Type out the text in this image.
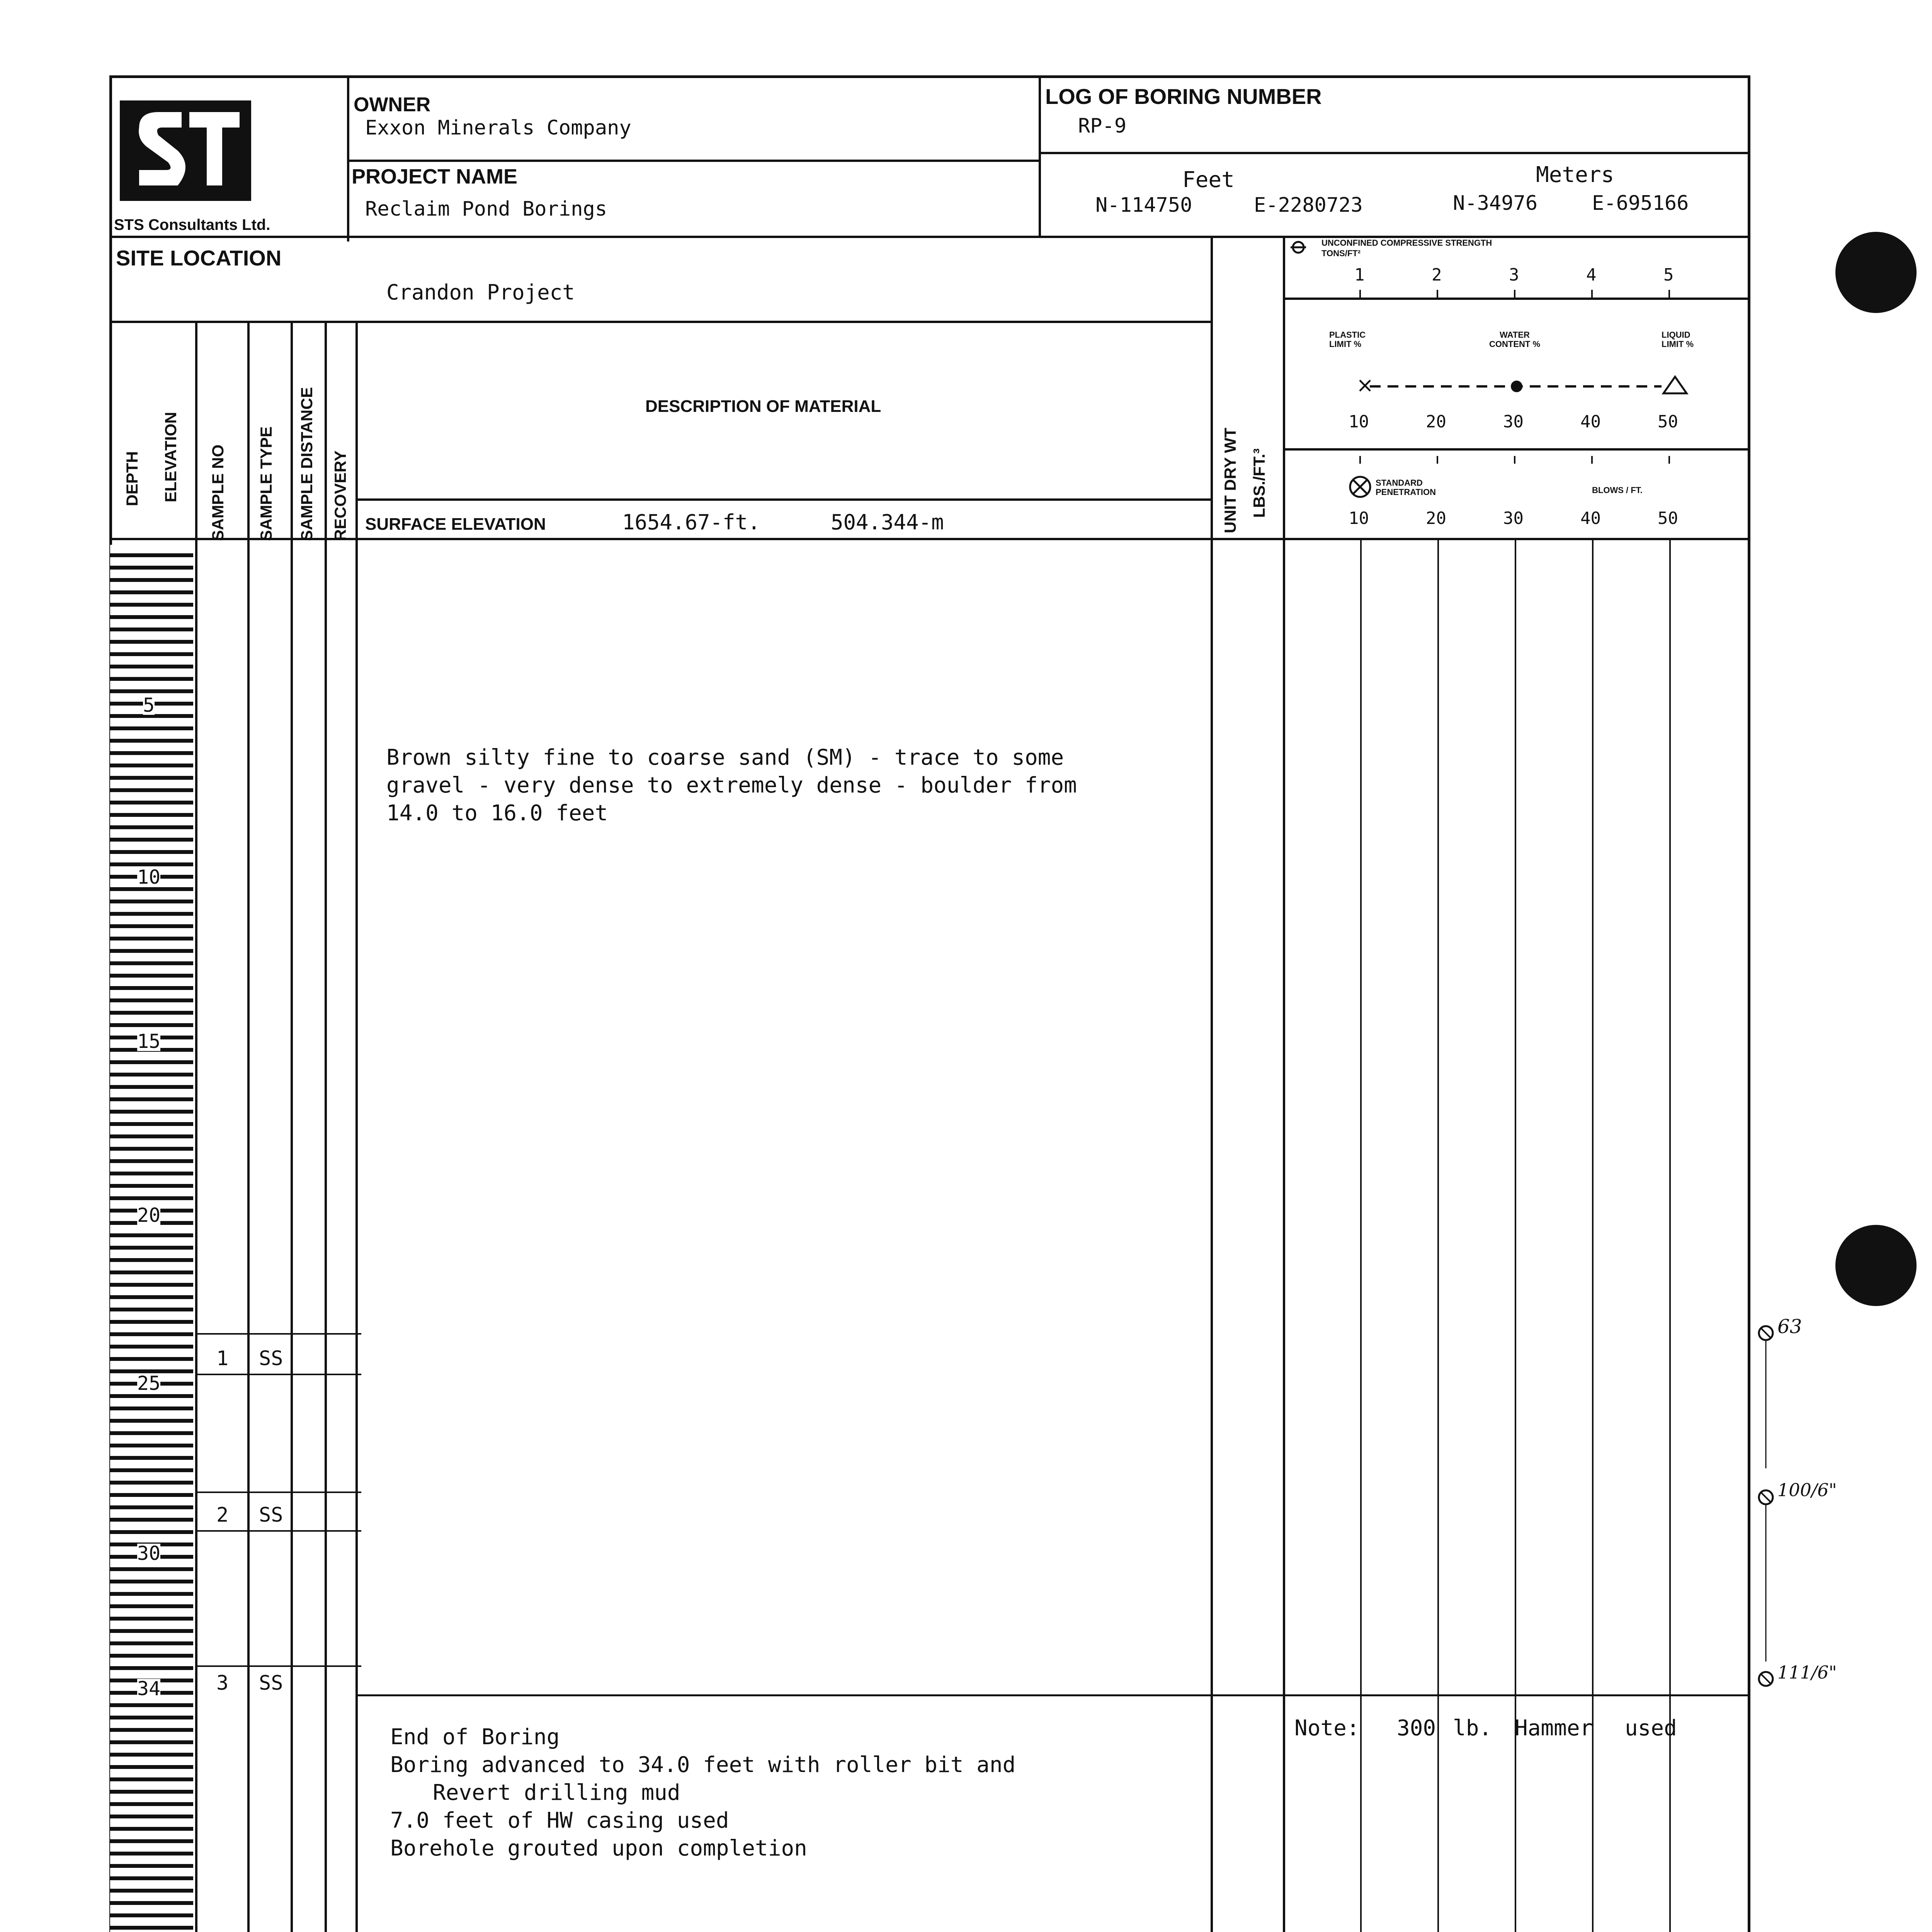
STS Consultants Ltd.
OWNER
Exxon Minerals Company
LOG OF BORING NUMBER
RP-9
PROJECT NAME
Reclaim Pond Borings
Feet	Meters
N-114750	E-2280723	N-34976	E-695166
SITE LOCATION
Crandon Project
DEPTH ELEVATION SAMPLE NO SAMPLE TYPE SAMPLE DISTANCE RECOVERY	UNIT DRY WT LBS./FT.³
DESCRIPTION OF MATERIAL
SURFACE ELEVATION	1654.67-ft.	504.344-m
×
UNCONFINED COMPRESSIVE STRENGTH
TONS/FT²
1	2	3	4	5
PLASTIC LIMIT %
WATER CONTENT %
LIQUID LIMIT %
10	20	30	40	50
STANDARD PENETRATION	BLOWS / FT.
10	20	30	40	50
5
10
15
20
25
30
34
1 SS
2 SS
3 SS
Brown silty fine to coarse sand (SM) - trace to some
gravel - very dense to extremely dense - boulder from
14.0 to 16.0 feet
End of Boring
Boring advanced to 34.0 feet with roller bit and
Revert drilling mud
7.0 feet of HW casing used
Borehole grouted upon completion
Note: 300 lb. Hammer used
63
100/6"
111/6"
